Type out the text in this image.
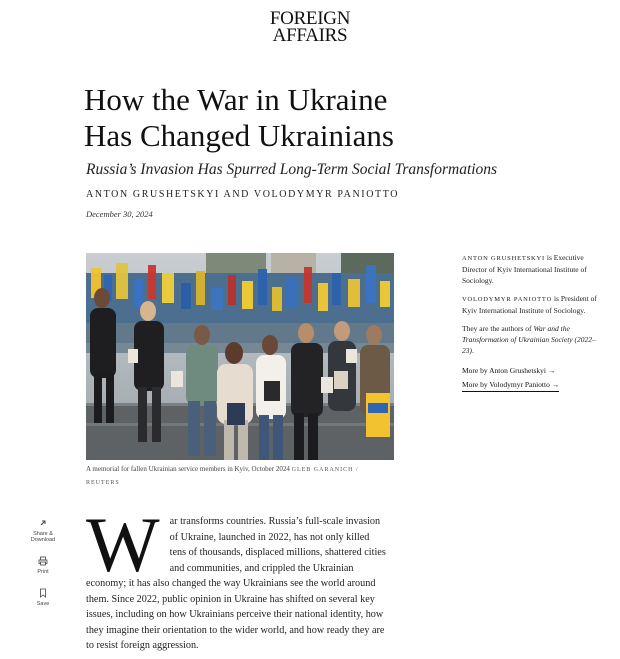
FOREIGN
AFFAIRS
How the War in Ukraine
Has Changed Ukrainians
Russia’s Invasion Has Spurred Long-Term Social Transformations
ANTON GRUSHETSKYI AND VOLODYMYR PANIOTTO
December 30, 2024
A memorial for fallen Ukrainian service members in Kyiv, October 2024 GLEB GARANICH / REUTERS

ANTON GRUSHETSKYI is Executive Director of Kyiv International Institute of Sociology.

VOLODYMYR PANIOTTO is President of Kyiv International Institute of Sociology.

They are the authors of War and the Transformation of Ukrainian Society (2022–23).

More by Anton Grushetskyi →
More by Volodymyr Paniotto →
Share & Download
Print
Save
War transforms countries. Russia’s full-scale invasion of Ukraine, launched in 2022, has not only killed tens of thousands, displaced millions, shattered cities and communities, and crippled the Ukrainian economy; it has also changed the way Ukrainians see the world around them. Since 2022, public opinion in Ukraine has shifted on several key issues, including on how Ukrainians perceive their national identity, how they imagine their orientation to the wider world, and how ready they are to resist foreign aggression.
